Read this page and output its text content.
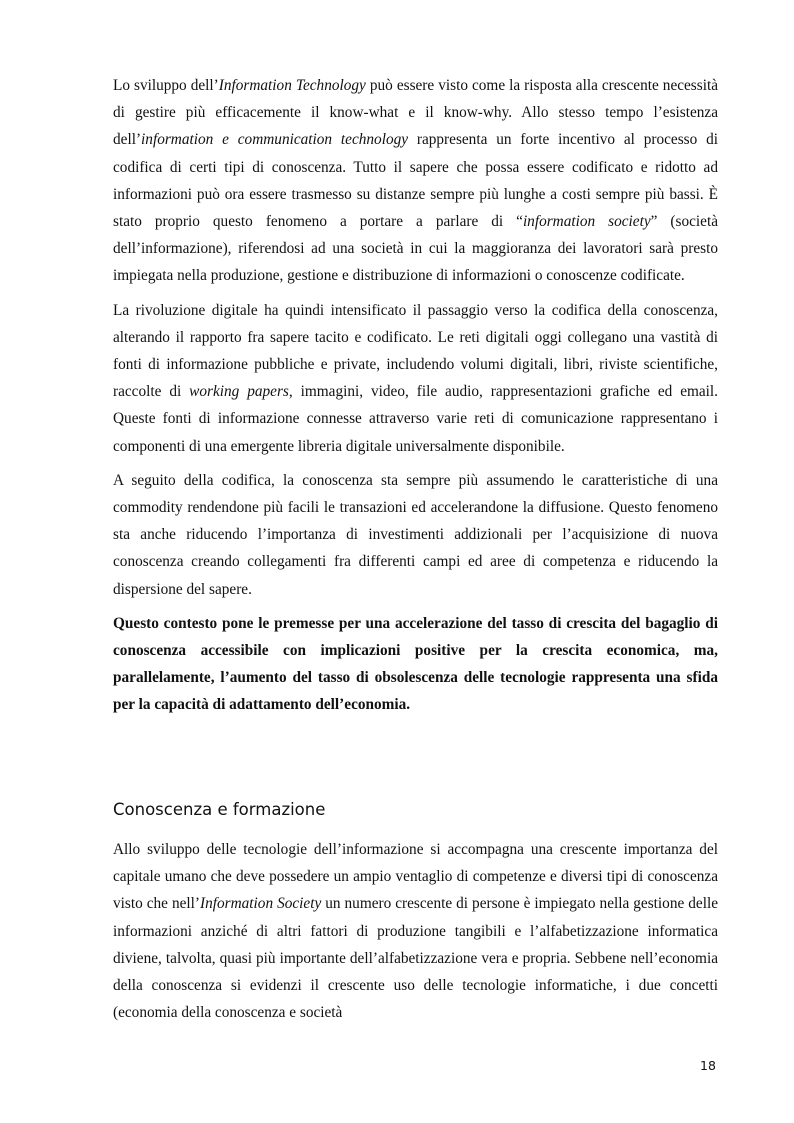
Lo sviluppo dell’Information Technology può essere visto come la risposta alla crescente necessità di gestire più efficacemente il know-what e il know-why. Allo stesso tempo l’esistenza dell’information e communication technology rappresenta un forte incentivo al processo di codifica di certi tipi di conoscenza. Tutto il sapere che possa essere codificato e ridotto ad informazioni può ora essere trasmesso su distanze sempre più lunghe a costi sempre più bassi. È stato proprio questo fenomeno a portare a parlare di “information society” (società dell’informazione), riferendosi ad una società in cui la maggioranza dei lavoratori sarà presto impiegata nella produzione, gestione e distribuzione di informazioni o conoscenze codificate.

La rivoluzione digitale ha quindi intensificato il passaggio verso la codifica della conoscenza, alterando il rapporto fra sapere tacito e codificato. Le reti digitali oggi collegano una vastità di fonti di informazione pubbliche e private, includendo volumi digitali, libri, riviste scientifiche, raccolte di working papers, immagini, video, file audio, rappresentazioni grafiche ed email. Queste fonti di informazione connesse attraverso varie reti di comunicazione rappresentano i componenti di una emergente libreria digitale universalmente disponibile.

A seguito della codifica, la conoscenza sta sempre più assumendo le caratteristiche di una commodity rendendone più facili le transazioni ed accelerandone la diffusione. Questo fenomeno sta anche riducendo l’importanza di investimenti addizionali per l’acquisizione di nuova conoscenza creando collegamenti fra differenti campi ed aree di competenza e riducendo la dispersione del sapere.

Questo contesto pone le premesse per una accelerazione del tasso di crescita del bagaglio di conoscenza accessibile con implicazioni positive per la crescita economica, ma, parallelamente, l’aumento del tasso di obsolescenza delle tecnologie rappresenta una sfida per la capacità di adattamento dell’economia.

Conoscenza e formazione

Allo sviluppo delle tecnologie dell’informazione si accompagna una crescente importanza del capitale umano che deve possedere un ampio ventaglio di competenze e diversi tipi di conoscenza visto che nell’Information Society un numero crescente di persone è impiegato nella gestione delle informazioni anziché di altri fattori di produzione tangibili e l’alfabetizzazione informatica diviene, talvolta, quasi più importante dell’alfabetizzazione vera e propria. Sebbene nell’economia della conoscenza si evidenzi il crescente uso delle tecnologie informatiche, i due concetti (economia della conoscenza e società

18
